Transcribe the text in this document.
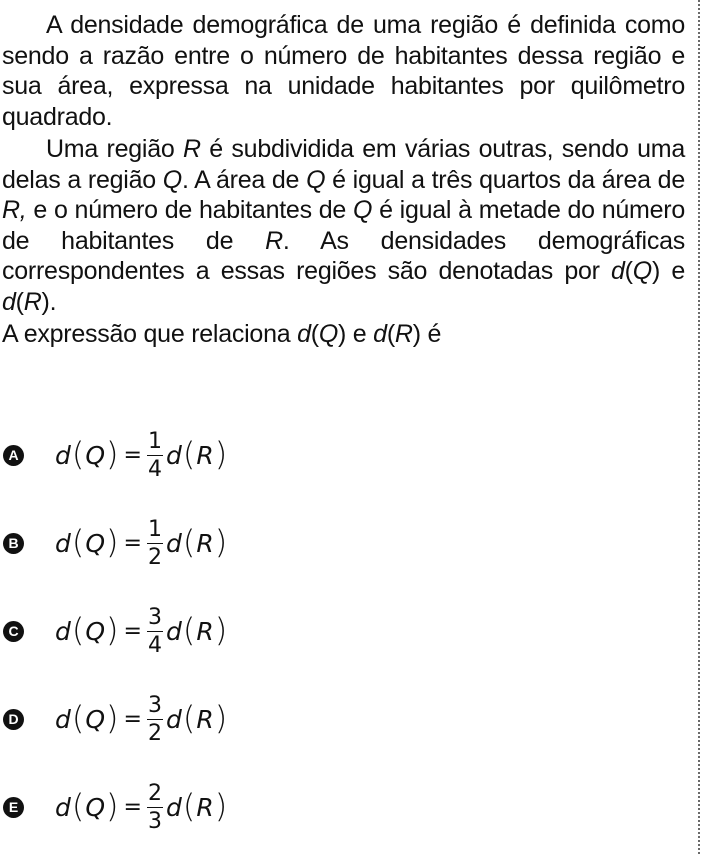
A densidade demográfica de uma região é definida como sendo a razão entre o número de habitantes dessa região e sua área, expressa na unidade habitantes por quilômetro quadrado.

Uma região R é subdividida em várias outras, sendo uma delas a região Q. A área de Q é igual a três quartos da área de R, e o número de habitantes de Q é igual à metade do número de habitantes de R. As densidades demográficas correspondentes a essas regiões são denotadas por d(Q) e d(R).

A expressão que relaciona d(Q) e d(R) é

A d ( Q ) = $\frac{1}{4}$ d ( R )
B d ( Q ) = $\frac{1}{2}$ d ( R )
C d ( Q ) = $\frac{3}{4}$ d ( R )
D d ( Q ) = $\frac{3}{2}$ d ( R )
E d ( Q ) = $\frac{2}{3}$ d ( R )
